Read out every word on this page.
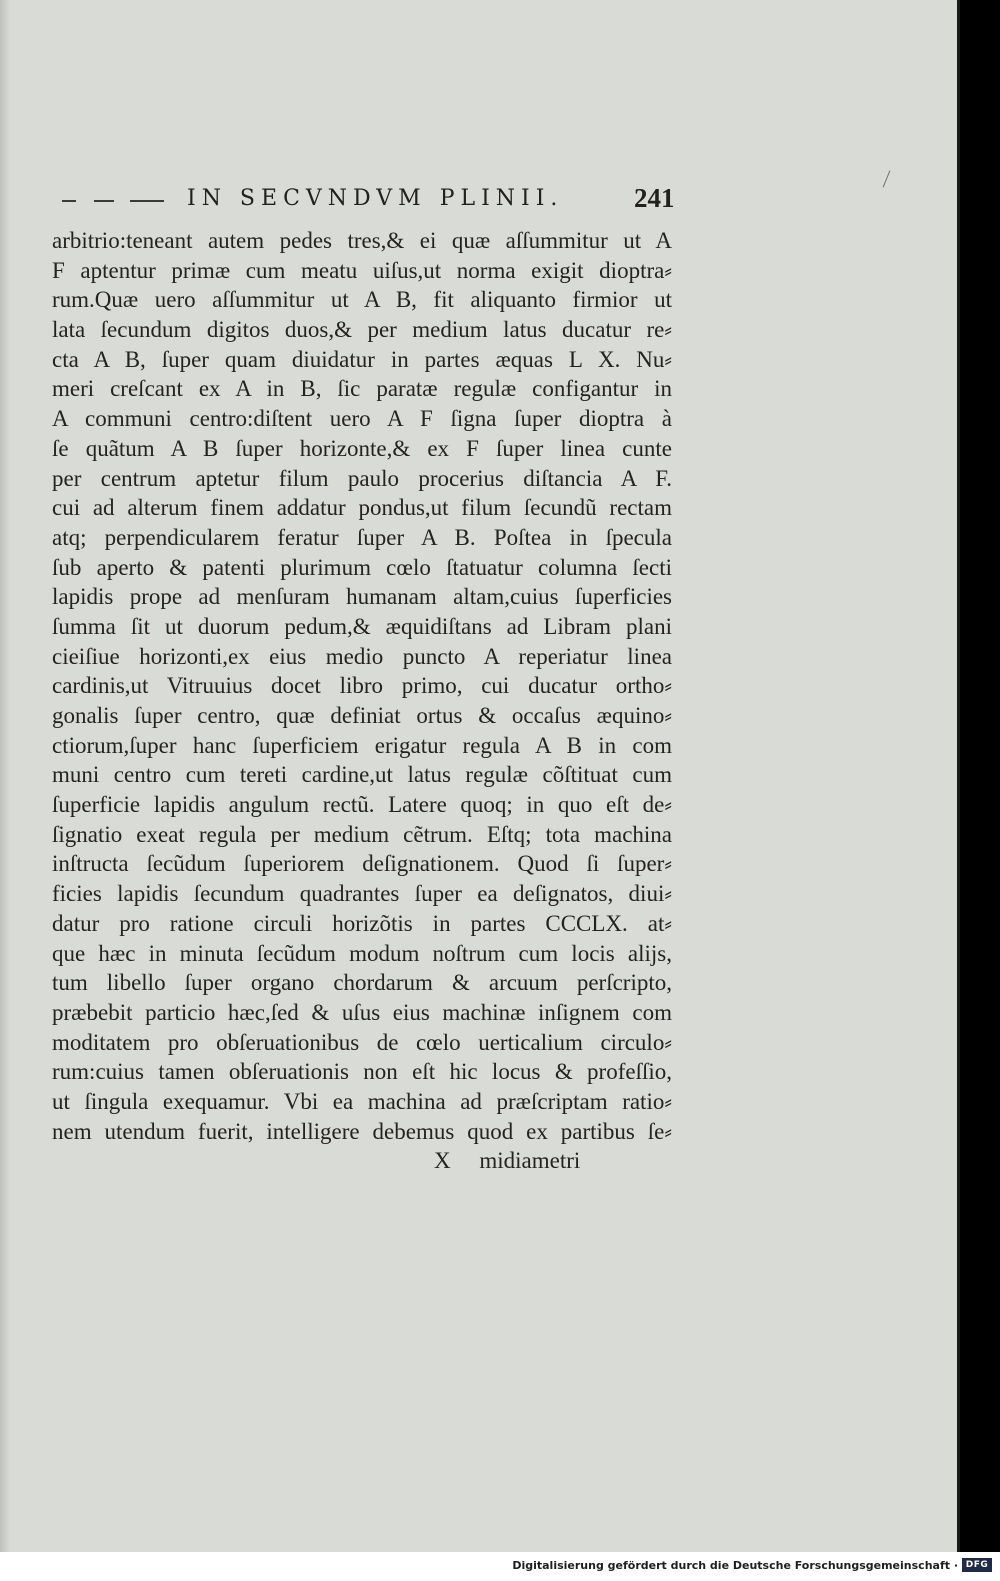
IN SECVNDVM PLINII.	241
arbitrio:teneant autem pedes tres,& ei quæ aſſummitur ut A
F aptentur primæ cum meatu uiſus,ut norma exigit dioptra⸗
rum.Quæ uero aſſummitur ut A B, fit aliquanto firmior ut
lata ſecundum digitos duos,& per medium latus ducatur re⸗
cta A B, ſuper quam diuidatur in partes æquas L X. Nu⸗
meri creſcant ex A in B, ſic paratæ regulæ configantur in
A communi centro:diſtent uero A F ſigna ſuper dioptra à
ſe quãtum A B ſuper horizonte,& ex F ſuper linea cunte
per centrum aptetur filum paulo procerius diſtancia A F.
cui ad alterum finem addatur pondus,ut filum ſecundũ rectam
atq; perpendicularem feratur ſuper A B. Poſtea in ſpecula
ſub aperto & patenti plurimum cœlo ſtatuatur columna ſecti
lapidis prope ad menſuram humanam altam,cuius ſuperficies
ſumma ſit ut duorum pedum,& æquidiſtans ad Libram plani
cieiſiue horizonti,ex eius medio puncto A reperiatur linea
cardinis,ut Vitruuius docet libro primo, cui ducatur ortho⸗
gonalis ſuper centro, quæ definiat ortus & occaſus æquino⸗
ctiorum,ſuper hanc ſuperficiem erigatur regula A B in com
muni centro cum tereti cardine,ut latus regulæ cõſtituat cum
ſuperficie lapidis angulum rectũ. Latere quoq; in quo eſt de⸗
ſignatio exeat regula per medium cẽtrum. Eſtq; tota machina
inſtructa ſecũdum ſuperiorem deſignationem. Quod ſi ſuper⸗
ficies lapidis ſecundum quadrantes ſuper ea deſignatos, diui⸗
datur pro ratione circuli horizõtis in partes CCCLX. at⸗
que hæc in minuta ſecũdum modum noſtrum cum locis alijs,
tum libello ſuper organo chordarum & arcuum perſcripto,
præbebit particio hæc,ſed & uſus eius machinæ inſignem com
moditatem pro obſeruationibus de cœlo uerticalium circulo⸗
rum:cuius tamen obſeruationis non eſt hic locus & profeſſio,
ut ſingula exequamur. Vbi ea machina ad præſcriptam ratio⸗
nem utendum fuerit, intelligere debemus quod ex partibus ſe⸗
X     midiametri
Digitalisierung gefördert durch die Deutsche Forschungsgemeinschaft · DFG
